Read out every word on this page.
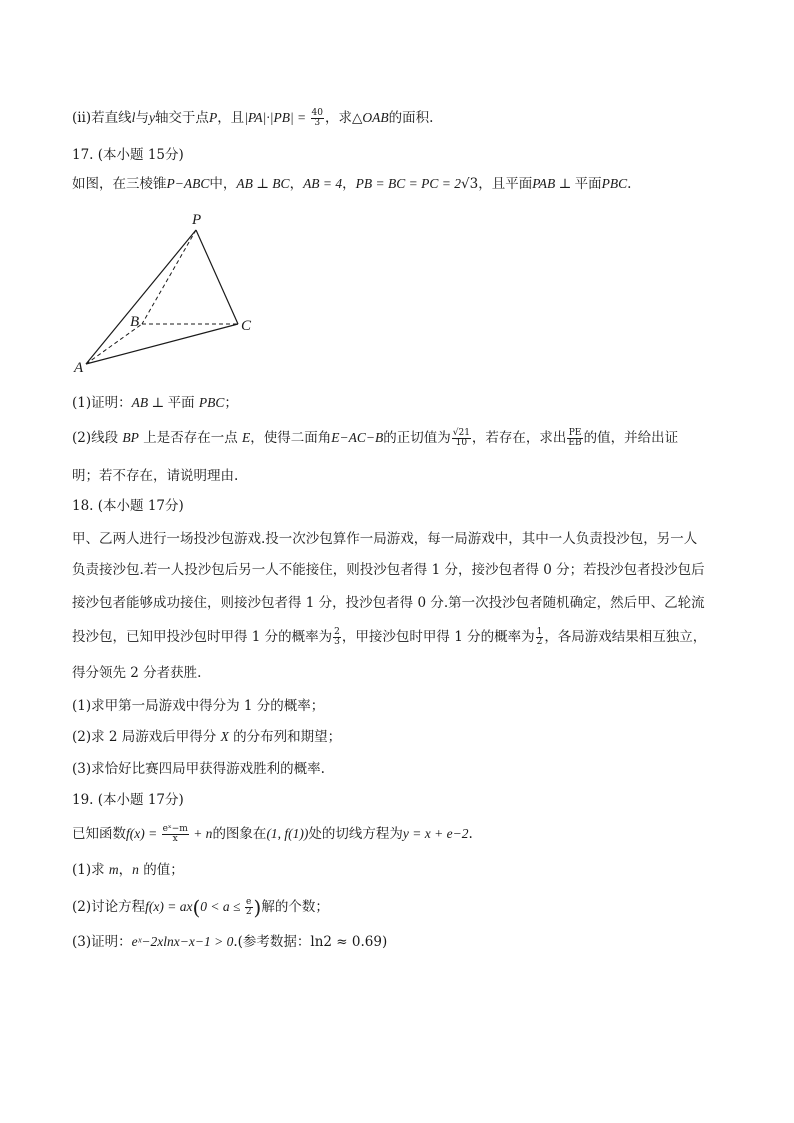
(ⅱ)若直线l与y轴交于点P，且$|PA|\cdot|PB| = \frac{40}{3}$ ，求△OAB的面积.
17. (本小题 15分)
如图，在三棱锥P−ABC中，AB ⊥ BC，AB = 4，PB = BC = PC = 2√3，且平面PAB ⊥ 平面PBC.
P
B	C
A
(1)证明：AB ⊥ 平面 PBC；
(2)线段 BP 上是否存在一点 E，使得二面角E−AC−B的正切值为 $\frac{√21}{10}$ ，若存在，求出 $\frac{PE}{EB}$ 的值，并给出证
明；若不存在，请说明理由.
18. (本小题 17分)
甲、乙两人进行一场投沙包游戏.投一次沙包算作一局游戏，每一局游戏中，其中一人负责投沙包，另一人
负责接沙包.若一人投沙包后另一人不能接住，则投沙包者得 1 分，接沙包者得 0 分；若投沙包者投沙包后
接沙包者能够成功接住，则接沙包者得 1 分，投沙包者得 0 分.第一次投沙包者随机确定，然后甲、乙轮流
投沙包，已知甲投沙包时甲得 1 分的概率为 $\frac{2}{3}$ ，甲接沙包时甲得 1 分的概率为 $\frac{1}{2}$ ，各局游戏结果相互独立，
得分领先 2 分者获胜.
(1)求甲第一局游戏中得分为 1 分的概率；
(2)求 2 局游戏后甲得分 X 的分布列和期望；
(3)求恰好比赛四局甲获得游戏胜利的概率.
19. (本小题 17分)
已知函数$f(x) = \frac{\text{eˣ−m}}{x} + n$的图象在(1, f(1))处的切线方程为y = x + e−2.
(1)求 m，n 的值；
(2)讨论方程$f(x) = ax(0 < a \le \frac{e}{2}$ )解的个数；
(3)证明：eˣ−2xlnx−x−1 > 0.(参考数据：ln2 ≈ 0.69)
